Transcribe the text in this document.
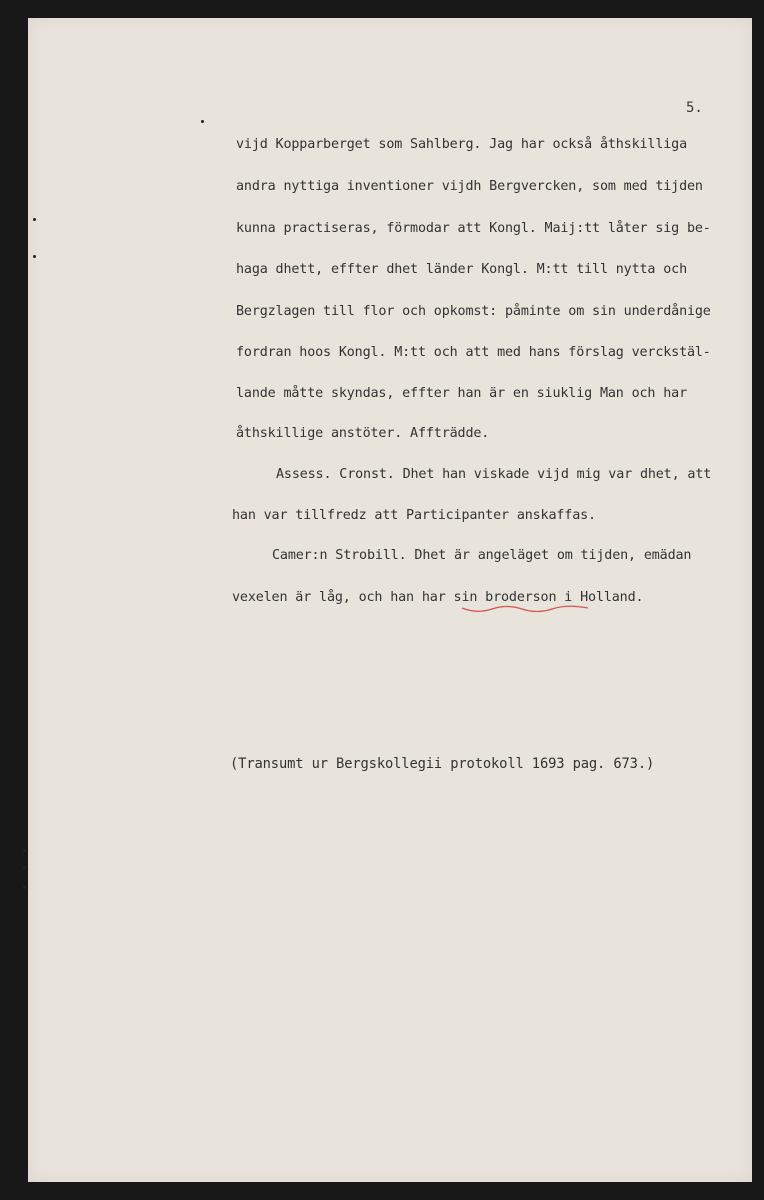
5.
vijd Kopparberget som Sahlberg. Jag har också åthskilliga
andra nyttiga inventioner vijdh Bergvercken, som med tijden
kunna practiseras, förmodar att Kongl. Maij:tt låter sig be-
haga dhett, effter dhet länder Kongl. M:tt till nytta och
Bergzlagen till flor och opkomst: påminte om sin underdånige
fordran hoos Kongl. M:tt och att med hans förslag verckstäl-
lande måtte skyndas, effter han är en siuklig Man och har
åthskillige anstöter. Affträdde.
Assess. Cronst. Dhet han viskade vijd mig var dhet, att
han var tillfredz att Participanter anskaffas.
Camer:n Strobill. Dhet är angeläget om tijden, emädan
vexelen är låg, och han har sin broderson i Holland.
(Transumt ur Bergskollegii protokoll 1693 pag. 673.)
